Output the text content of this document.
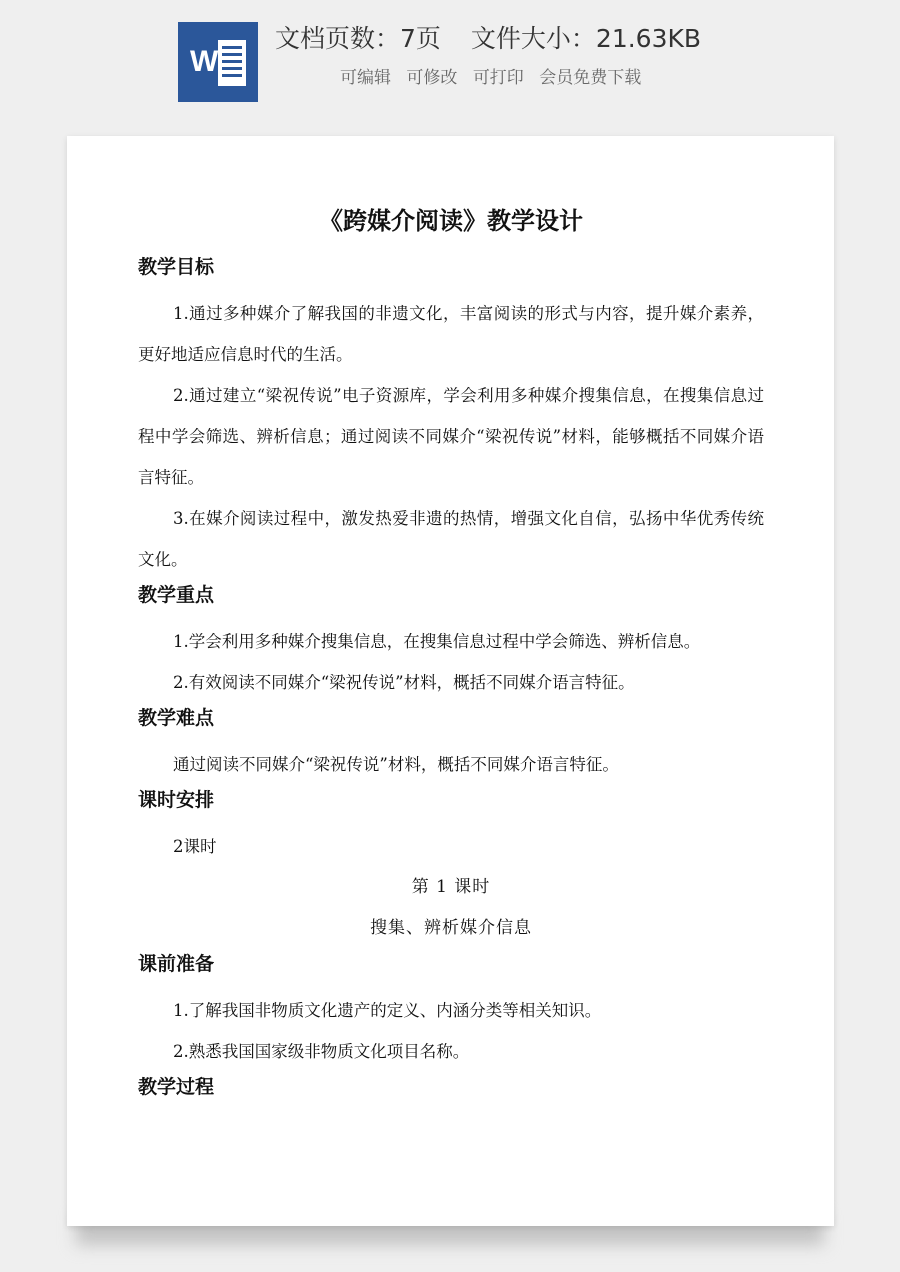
W
文档页数：7页 文件大小：21.63KB
可编辑 可修改 可打印 会员免费下载
《跨媒介阅读》教学设计
教学目标

1.通过多种媒介了解我国的非遗文化，丰富阅读的形式与内容，提升媒介素养，更好地适应信息时代的生活。

2.通过建立“梁祝传说”电子资源库，学会利用多种媒介搜集信息，在搜集信息过程中学会筛选、辨析信息；通过阅读不同媒介“梁祝传说”材料，能够概括不同媒介语言特征。

3.在媒介阅读过程中，激发热爱非遗的热情，增强文化自信，弘扬中华优秀传统文化。

教学重点

1.学会利用多种媒介搜集信息，在搜集信息过程中学会筛选、辨析信息。

2.有效阅读不同媒介“梁祝传说”材料，概括不同媒介语言特征。

教学难点

通过阅读不同媒介“梁祝传说”材料，概括不同媒介语言特征。

课时安排

2课时

第 1 课时

搜集、辨析媒介信息

课前准备

1.了解我国非物质文化遗产的定义、内涵分类等相关知识。

2.熟悉我国国家级非物质文化项目名称。

教学过程
